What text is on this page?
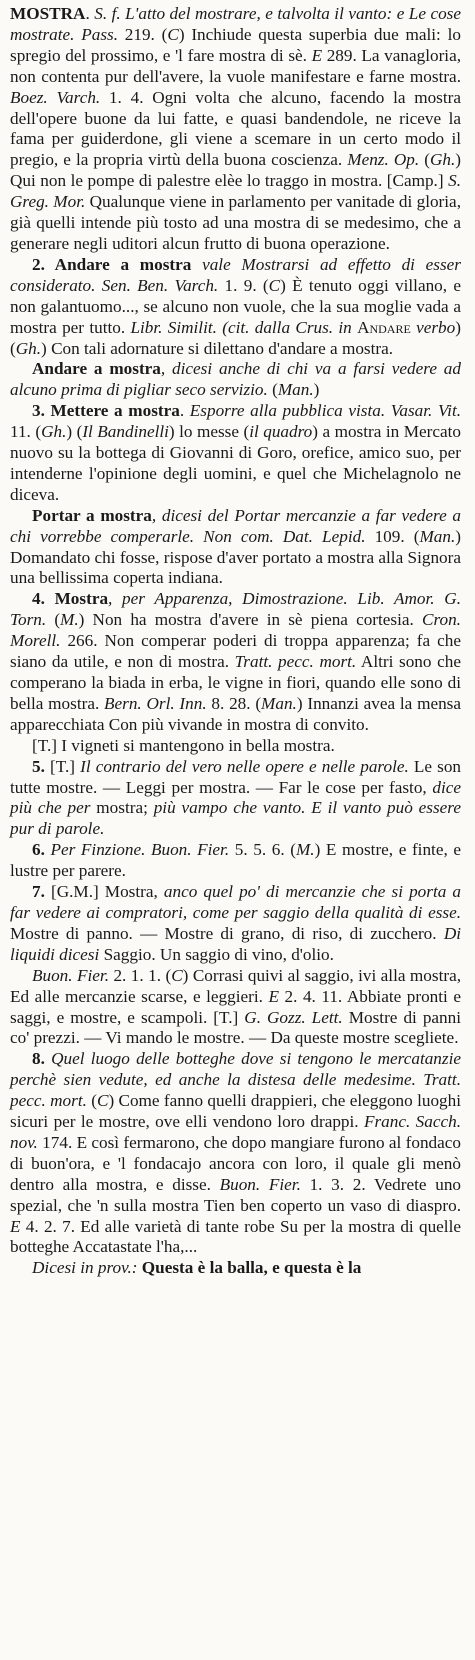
MOSTRA. S. f. L'atto del mostrare, e talvolta il vanto: e Le cose mostrate. Pass. 219. (C) Inchiude questa superbia due mali: lo spregio del prossimo, e 'l fare mostra di sè. E 289. La vanagloria, non contenta pur dell'avere, la vuole manifestare e farne mostra. Boez. Varch. 1. 4. Ogni volta che alcuno, facendo la mostra dell'opere buone da lui fatte, e quasi bandendole, ne riceve la fama per guiderdone, gli viene a scemare in un certo modo il pregio, e la propria virtù della buona coscienza. Menz. Op. (Gh.) Qui non le pompe di palestre elèe lo traggo in mostra. [Camp.] S. Greg. Mor. Qualunque viene in parlamento per vanitade di gloria, già quelli intende più tosto ad una mostra di se medesimo, che a generare negli uditori alcun frutto di buona operazione.

2. Andare a mostra vale Mostrarsi ad effetto di esser considerato. Sen. Ben. Varch. 1. 9. (C) È tenuto oggi villano, e non galantuomo..., se alcuno non vuole, che la sua moglie vada a mostra per tutto. Libr. Similit. (cit. dalla Crus. in Andare verbo) (Gh.) Con tali adornature si dilettano d'andare a mostra.

Andare a mostra, dicesi anche di chi va a farsi vedere ad alcuno prima di pigliar seco servizio. (Man.)

3. Mettere a mostra. Esporre alla pubblica vista. Vasar. Vit. 11. (Gh.) (Il Bandinelli) lo messe (il quadro) a mostra in Mercato nuovo su la bottega di Giovanni di Goro, orefice, amico suo, per intenderne l'opinione degli uomini, e quel che Michelagnolo ne diceva.

Portar a mostra, dicesi del Portar mercanzie a far vedere a chi vorrebbe comperarle. Non com. Dat. Lepid. 109. (Man.) Domandato chi fosse, rispose d'aver portato a mostra alla Signora una bellissima coperta indiana.

4. Mostra, per Apparenza, Dimostrazione. Lib. Amor. G. Torn. (M.) Non ha mostra d'avere in sè piena cortesia. Cron. Morell. 266. Non comperar poderi di troppa apparenza; fa che siano da utile, e non di mostra. Tratt. pecc. mort. Altri sono che comperano la biada in erba, le vigne in fiori, quando elle sono di bella mostra. Bern. Orl. Inn. 8. 28. (Man.) Innanzi avea la mensa apparecchiata Con più vivande in mostra di convito.

[T.] I vigneti si mantengono in bella mostra.

5. [T.] Il contrario del vero nelle opere e nelle parole. Le son tutte mostre. — Leggi per mostra. — Far le cose per fasto, dice più che per mostra; più vampo che vanto. E il vanto può essere pur di parole.

6. Per Finzione. Buon. Fier. 5. 5. 6. (M.) E mostre, e finte, e lustre per parere.

7. [G.M.] Mostra, anco quel po' di mercanzie che si porta a far vedere ai compratori, come per saggio della qualità di esse. Mostre di panno. — Mostre di grano, di riso, di zucchero. Di liquidi dicesi Saggio. Un saggio di vino, d'olio.

Buon. Fier. 2. 1. 1. (C) Corrasi quivi al saggio, ivi alla mostra, Ed alle mercanzie scarse, e leggieri. E 2. 4. 11. Abbiate pronti e saggi, e mostre, e scampoli. [T.] G. Gozz. Lett. Mostre di panni co' prezzi. — Vi mando le mostre. — Da queste mostre scegliete.

8. Quel luogo delle botteghe dove si tengono le mercatanzie perchè sien vedute, ed anche la distesa delle medesime. Tratt. pecc. mort. (C) Come fanno quelli drappieri, che eleggono luoghi sicuri per le mostre, ove elli vendono loro drappi. Franc. Sacch. nov. 174. E così fermarono, che dopo mangiare furono al fondaco di buon'ora, e 'l fondacajo ancora con loro, il quale gli menò dentro alla mostra, e disse. Buon. Fier. 1. 3. 2. Vedrete uno spezial, che 'n sulla mostra Tien ben coperto un vaso di diaspro. E 4. 2. 7. Ed alle varietà di tante robe Su per la mostra di quelle botteghe Accatastate l'ha,...

Dicesi in prov.: Questa è la balla, e questa è la
